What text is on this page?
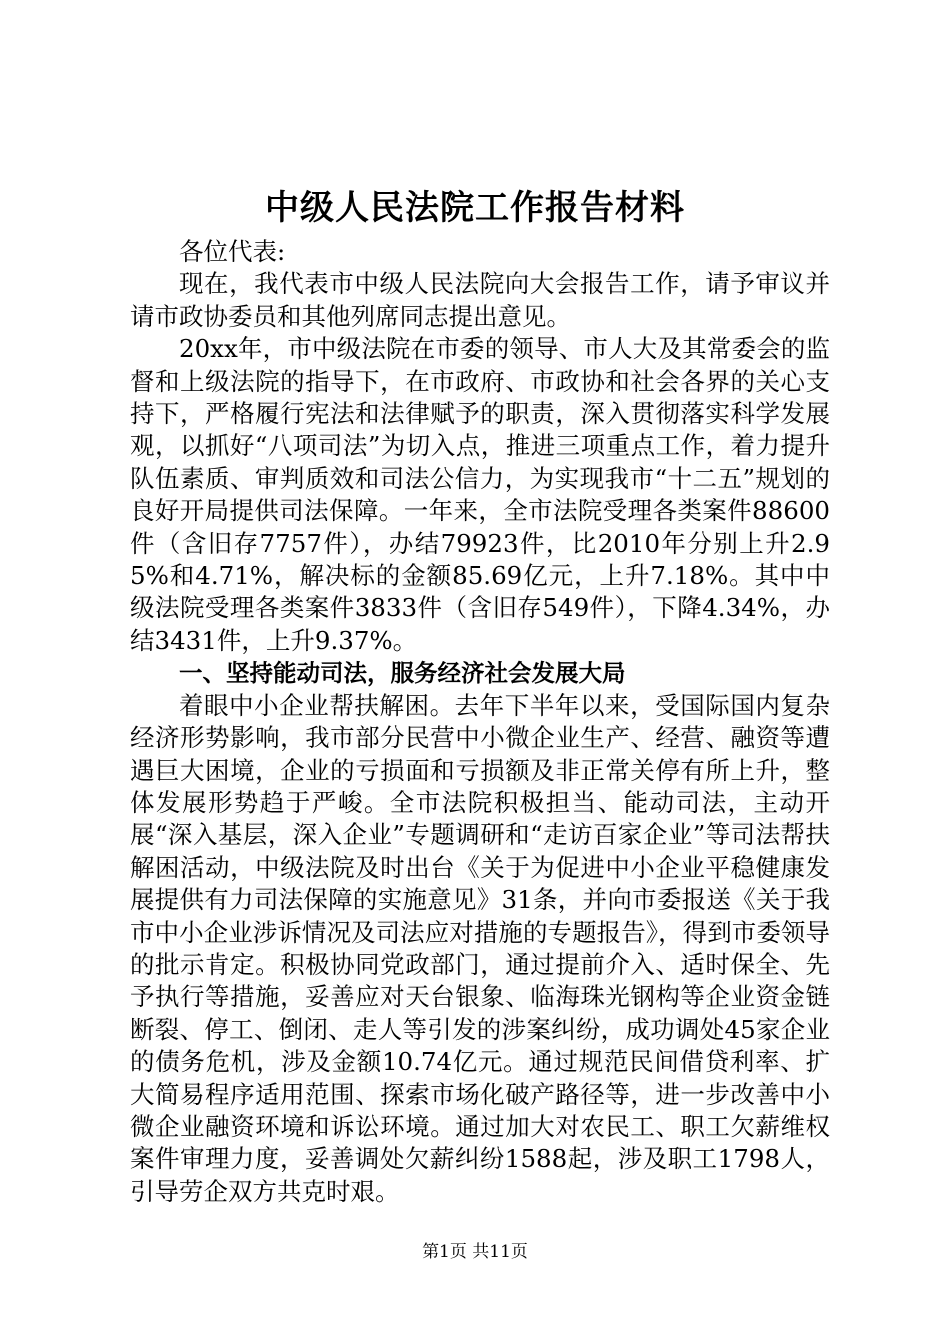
中级人民法院工作报告材料

各位代表:

现在，我代表市中级人民法院向大会报告工作，请予审议并请市政协委员和其他列席同志提出意见。

20xx年，市中级法院在市委的领导、市人大及其常委会的监督和上级法院的指导下，在市政府、市政协和社会各界的关心支持下，严格履行宪法和法律赋予的职责，深入贯彻落实科学发展观，以抓好“八项司法”为切入点，推进三项重点工作，着力提升队伍素质、审判质效和司法公信力，为实现我市“十二五”规划的良好开局提供司法保障。一年来，全市法院受理各类案件88600件（含旧存7757件），办结79923件，比2010年分别上升2.95%和4.71%，解决标的金额85.69亿元，上升7.18%。其中中级法院受理各类案件3833件（含旧存549件），下降4.34%，办结3431件，上升9.37%。

一、坚持能动司法，服务经济社会发展大局

着眼中小企业帮扶解困。去年下半年以来，受国际国内复杂经济形势影响，我市部分民营中小微企业生产、经营、融资等遭遇巨大困境，企业的亏损面和亏损额及非正常关停有所上升，整体发展形势趋于严峻。全市法院积极担当、能动司法，主动开展“深入基层，深入企业”专题调研和“走访百家企业”等司法帮扶解困活动，中级法院及时出台《关于为促进中小企业平稳健康发展提供有力司法保障的实施意见》31条，并向市委报送《关于我市中小企业涉诉情况及司法应对措施的专题报告》，得到市委领导的批示肯定。积极协同党政部门，通过提前介入、适时保全、先予执行等措施，妥善应对天台银象、临海珠光钢构等企业资金链断裂、停工、倒闭、走人等引发的涉案纠纷，成功调处45家企业的债务危机，涉及金额10.74亿元。通过规范民间借贷利率、扩大简易程序适用范围、探索市场化破产路径等，进一步改善中小微企业融资环境和诉讼环境。通过加大对农民工、职工欠薪维权案件审理力度，妥善调处欠薪纠纷1588起，涉及职工1798人，引导劳企双方共克时艰。

第1页 共11页
